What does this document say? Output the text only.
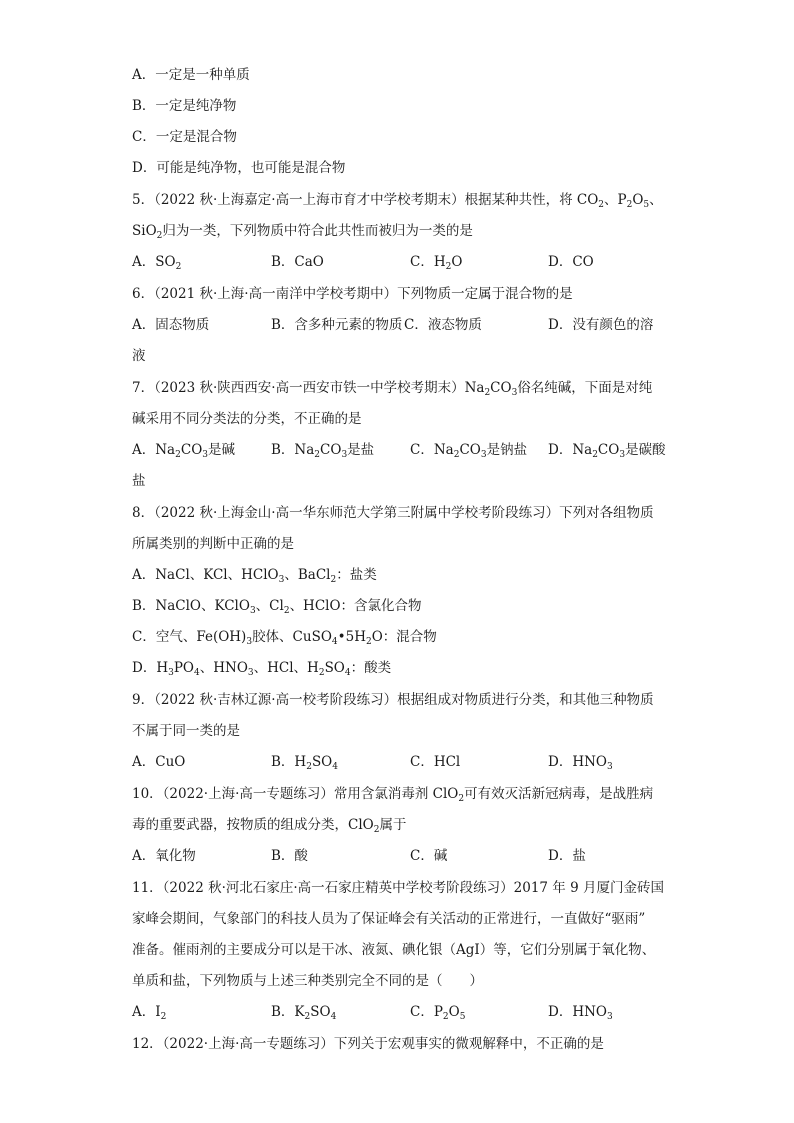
A．一定是一种单质
B．一定是纯净物
C．一定是混合物
D．可能是纯净物，也可能是混合物
5．（2022 秋·上海嘉定·高一上海市育才中学校考期末）根据某种共性，将 $CO_2$、$P_2O_5$、
SiO$_2$归为一类，下列物质中符合此共性而被归为一类的是
A．$SO_2$	B．CaO	C．$H_2O$	D．CO
6．（2021 秋·上海·高一南洋中学校考期中）下列物质一定属于混合物的是
A．固态物质	B．含多种元素的物质 C．液态物质	D．没有颜色的溶
液
7．（2023 秋·陕西西安·高一西安市铁一中学校考期末）$Na_2CO_3$俗名纯碱，下面是对纯
碱采用不同分类法的分类，不正确的是
A．$Na_2CO_3$是碱	B．$Na_2CO_3$是盐	C．$Na_2CO_3$是钠盐 D．$Na_2CO_3$是碳酸
盐
8．（2022 秋·上海金山·高一华东师范大学第三附属中学校考阶段练习）下列对各组物质
所属类别的判断中正确的是
A．NaCl、KCl、HClO$_3$、BaCl$_2$：盐类
B．NaClO、KClO$_3$、$Cl_2$、HClO：含氯化合物
C．空气、$Fe(OH)_3$胶体、$CuSO_4•5H_2O$：混合物
D．$H_3PO_4$、$HNO_3$、HCl、$H_2SO_4$：酸类
9．（2022 秋·吉林辽源·高一校考阶段练习）根据组成对物质进行分类，和其他三种物质
不属于同一类的是
A．CuO	B．$H_2SO_4$	C．HCl	D．$HNO_3$
10．（2022·上海·高一专题练习）常用含氯消毒剂 ClO$_2$可有效灭活新冠病毒，是战胜病
毒的重要武器，按物质的组成分类，ClO$_2$属于
A．氧化物	B．酸	C．碱	D．盐
11．（2022 秋·河北石家庄·高一石家庄精英中学校考阶段练习）2017 年 9 月厦门金砖国
家峰会期间，气象部门的科技人员为了保证峰会有关活动的正常进行，一直做好“驱雨”
准备。催雨剂的主要成分可以是干冰、液氮、碘化银（AgI）等，它们分别属于氧化物、
单质和盐，下列物质与上述三种类别完全不同的是（　　）
A．$I_2$	B．$K_2SO_4$	C．$P_2O_5$	D．$HNO_3$
12．（2022·上海·高一专题练习）下列关于宏观事实的微观解释中，不正确的是
